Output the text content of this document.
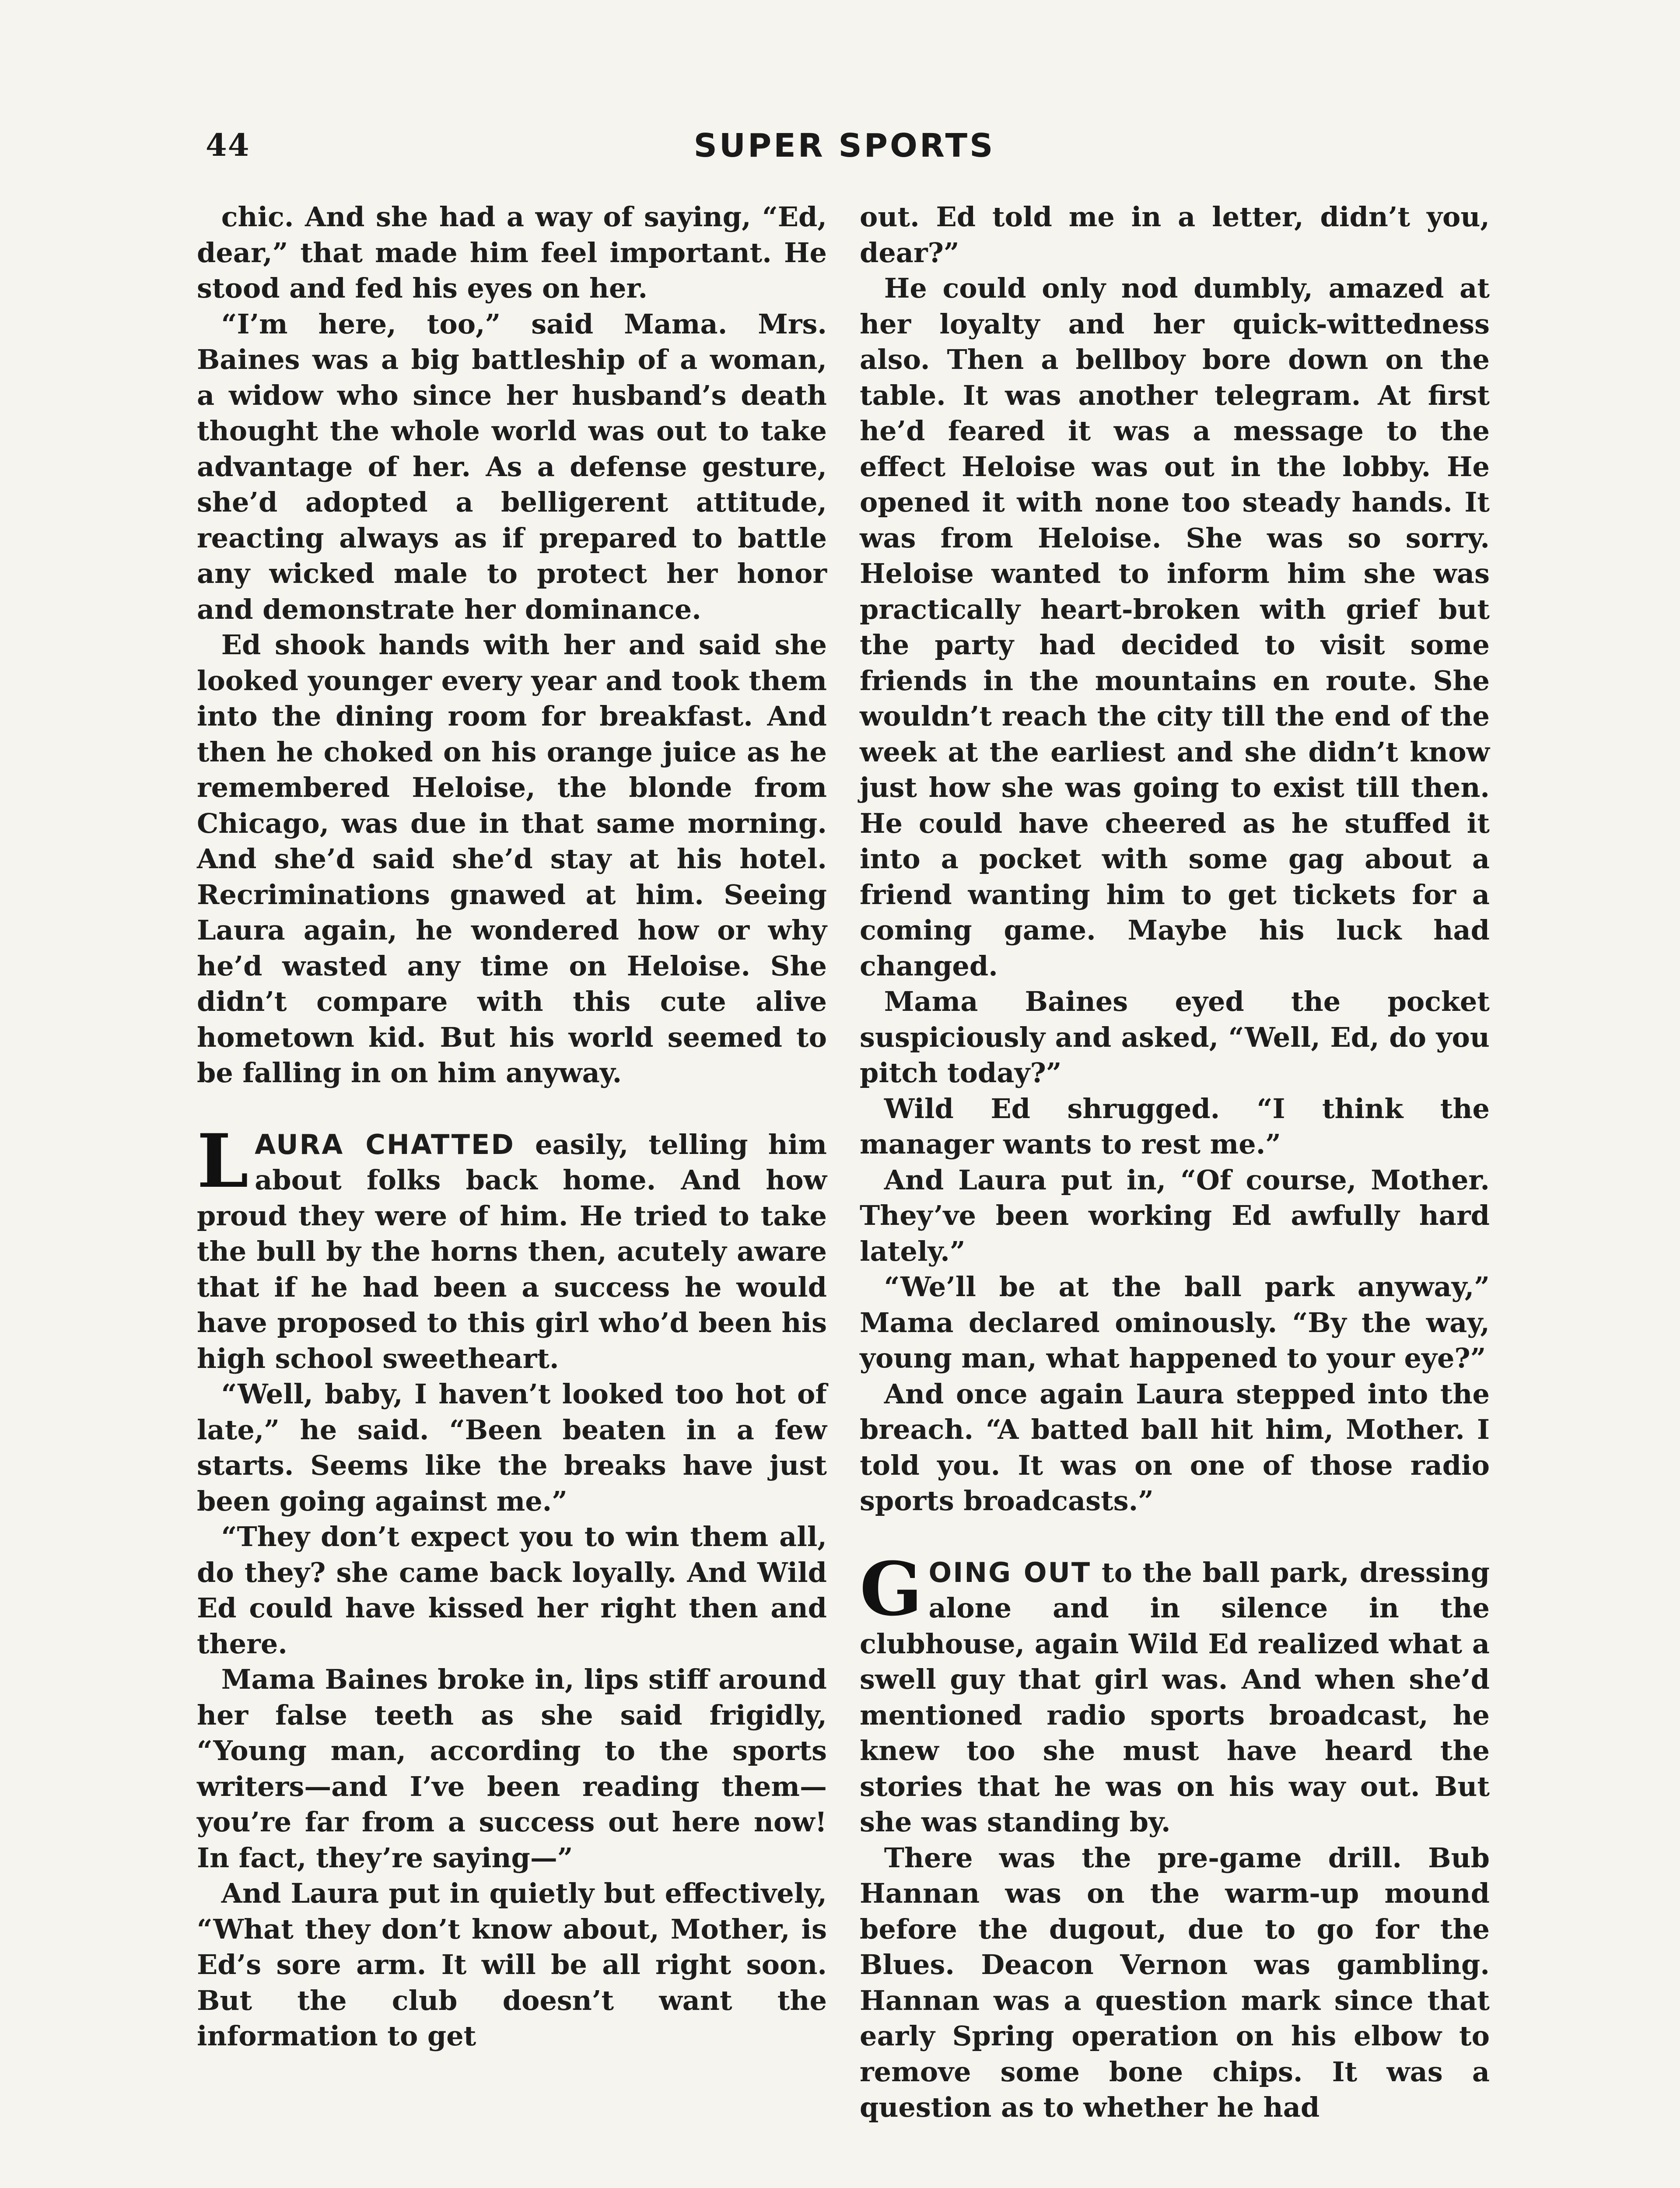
44	SUPER SPORTS

chic. And she had a way of saying, “Ed, dear,” that made him feel important. He stood and fed his eyes on her.

“I’m here, too,” said Mama. Mrs. Baines was a big battleship of a woman, a widow who since her husband’s death thought the whole world was out to take advantage of her. As a defense gesture, she’d adopted a belligerent attitude, reacting always as if prepared to battle any wicked male to protect her honor and demonstrate her dominance.

Ed shook hands with her and said she looked younger every year and took them into the dining room for breakfast. And then he choked on his orange juice as he remembered Heloise, the blonde from Chicago, was due in that same morning. And she’d said she’d stay at his hotel. Recriminations gnawed at him. Seeing Laura again, he wondered how or why he’d wasted any time on Heloise. She didn’t compare with this cute alive hometown kid. But his world seemed to be falling in on him anyway.

LAURA CHATTED easily, telling him about folks back home. And how proud they were of him. He tried to take the bull by the horns then, acutely aware that if he had been a success he would have proposed to this girl who’d been his high school sweetheart.

“Well, baby, I haven’t looked too hot of late,” he said. “Been beaten in a few starts. Seems like the breaks have just been going against me.”

“They don’t expect you to win them all, do they? she came back loyally. And Wild Ed could have kissed her right then and there.

Mama Baines broke in, lips stiff around her false teeth as she said frigidly, “Young man, according to the sports writers—and I’ve been reading them—you’re far from a success out here now! In fact, they’re saying—”

And Laura put in quietly but effectively, “What they don’t know about, Mother, is Ed’s sore arm. It will be all right soon. But the club doesn’t want the information to get

out. Ed told me in a letter, didn’t you, dear?”

He could only nod dumbly, amazed at her loyalty and her quick-wittedness also. Then a bellboy bore down on the table. It was another telegram. At first he’d feared it was a message to the effect Heloise was out in the lobby. He opened it with none too steady hands. It was from Heloise. She was so sorry. Heloise wanted to inform him she was practically heart-broken with grief but the party had decided to visit some friends in the mountains en route. She wouldn’t reach the city till the end of the week at the earliest and she didn’t know just how she was going to exist till then. He could have cheered as he stuffed it into a pocket with some gag about a friend wanting him to get tickets for a coming game. Maybe his luck had changed.

Mama Baines eyed the pocket suspiciously and asked, “Well, Ed, do you pitch today?”

Wild Ed shrugged. “I think the manager wants to rest me.”

And Laura put in, “Of course, Mother. They’ve been working Ed awfully hard lately.”

“We’ll be at the ball park anyway,” Mama declared ominously. “By the way, young man, what happened to your eye?”

And once again Laura stepped into the breach. “A batted ball hit him, Mother. I told you. It was on one of those radio sports broadcasts.”

GOING OUT to the ball park, dressing alone and in silence in the clubhouse, again Wild Ed realized what a swell guy that girl was. And when she’d mentioned radio sports broadcast, he knew too she must have heard the stories that he was on his way out. But she was standing by.

There was the pre-game drill. Bub Hannan was on the warm-up mound before the dugout, due to go for the Blues. Deacon Vernon was gambling. Hannan was a question mark since that early Spring operation on his elbow to remove some bone chips. It was a question as to whether he had
